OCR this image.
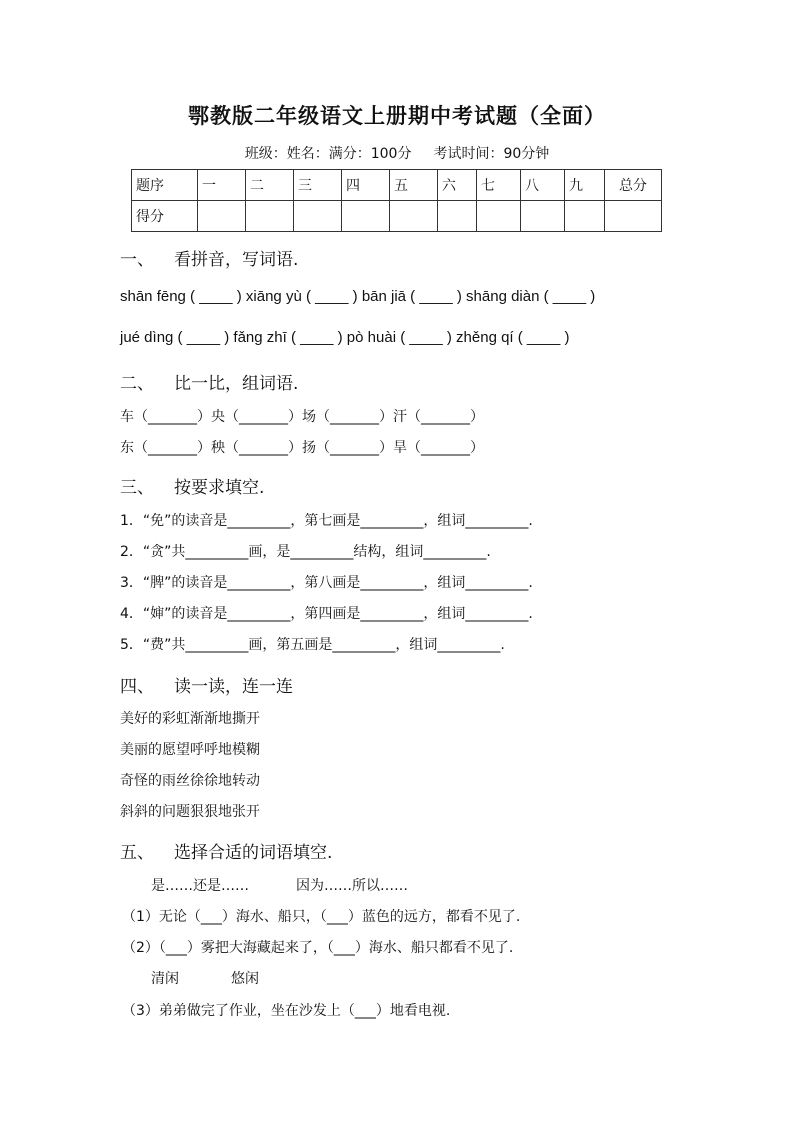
鄂教版二年级语文上册期中考试题（全面）
班级：姓名：满分：100分 考试时间：90分钟
题序	一	二	三	四	五	六	七	八	九	总分
得分										
一、 看拼音，写词语.
shān fēng ( ____ ) xiāng yù ( ____ ) bān jiā ( ____ ) shāng diàn ( ____ )
jué dìng ( ____ ) fǎng zhī ( ____ ) pò huài ( ____ ) zhěng qí ( ____ )
二、 比一比，组词语.
车（_______）央（_______）场（_______）汗（_______）
东（_______）秧（_______）扬（_______）旱（_______）
三、 按要求填空.
1．“免”的读音是_________，第七画是_________，组词_________.
2．“贪”共_________画，是_________结构，组词_________.
3．“脾”的读音是_________，第八画是_________，组词_________.
4．“婶”的读音是_________，第四画是_________，组词_________.
5．“费”共_________画，第五画是_________，组词_________.
四、 读一读，连一连
美好的彩虹渐渐地撕开
美丽的愿望呼呼地模糊
奇怪的雨丝徐徐地转动
斜斜的问题狠狠地张开
五、 选择合适的词语填空.
是……还是……	因为……所以……
（1）无论（___）海水、船只，（___）蓝色的远方，都看不见了.
（2）（___）雾把大海藏起来了，（___）海水、船只都看不见了.
清闲	悠闲
（3）弟弟做完了作业，坐在沙发上（___）地看电视.
